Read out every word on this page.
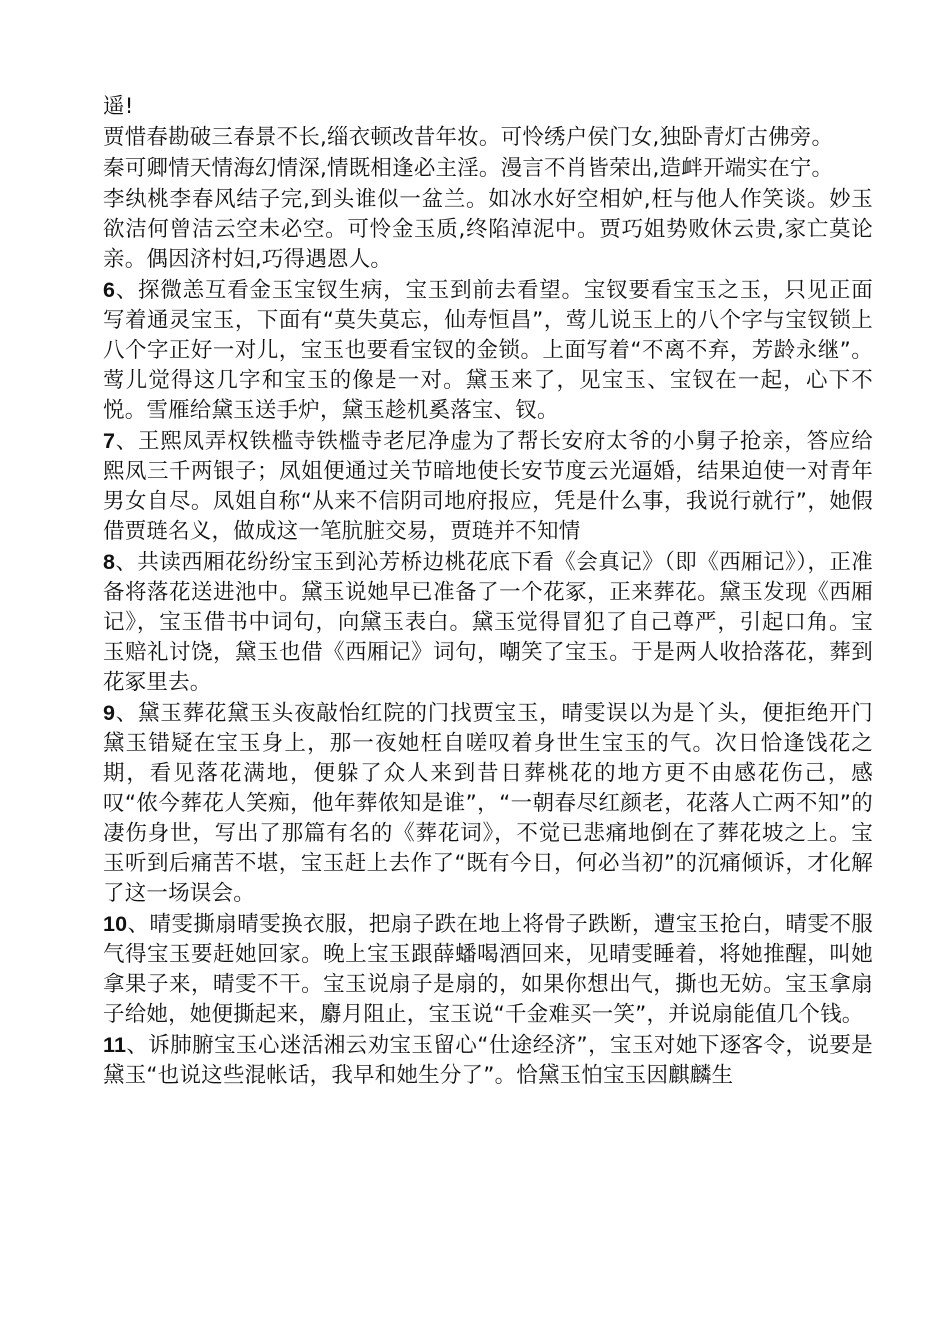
遥!

贾惜春勘破三春景不长,缁衣顿改昔年妆。可怜绣户侯门女,独卧青灯古佛旁。

秦可卿情天情海幻情深,情既相逢必主淫。漫言不肖皆荣出,造衅开端实在宁。

李纨桃李春风结子完,到头谁似一盆兰。如冰水好空相妒,枉与他人作笑谈。妙玉欲洁何曾洁云空未必空。可怜金玉质,终陷淖泥中。贾巧姐势败休云贵,家亡莫论亲。偶因济村妇,巧得遇恩人。

6、探微恙互看金玉宝钗生病，宝玉到前去看望。宝钗要看宝玉之玉，只见正面写着通灵宝玉，下面有“莫失莫忘，仙寿恒昌”，莺儿说玉上的八个字与宝钗锁上八个字正好一对儿，宝玉也要看宝钗的金锁。上面写着“不离不弃，芳龄永继”。莺儿觉得这几字和宝玉的像是一对。黛玉来了，见宝玉、宝钗在一起，心下不悦。雪雁给黛玉送手炉，黛玉趁机奚落宝、钗。

7、王熙凤弄权铁槛寺铁槛寺老尼净虚为了帮长安府太爷的小舅子抢亲，答应给熙凤三千两银子；凤姐便通过关节暗地使长安节度云光逼婚，结果迫使一对青年男女自尽。凤姐自称“从来不信阴司地府报应，凭是什么事，我说行就行”，她假借贾琏名义，做成这一笔肮脏交易，贾琏并不知情

8、共读西厢花纷纷宝玉到沁芳桥边桃花底下看《会真记》（即《西厢记》），正准备将落花送进池中。黛玉说她早已准备了一个花冢，正来葬花。黛玉发现《西厢记》，宝玉借书中词句，向黛玉表白。黛玉觉得冒犯了自己尊严，引起口角。宝玉赔礼讨饶，黛玉也借《西厢记》词句，嘲笑了宝玉。于是两人收拾落花，葬到花冢里去。

9、黛玉葬花黛玉头夜敲怡红院的门找贾宝玉，晴雯误以为是丫头，便拒绝开门黛玉错疑在宝玉身上，那一夜她枉自嗟叹着身世生宝玉的气。次日恰逢饯花之期，看见落花满地，便躲了众人来到昔日葬桃花的地方更不由感花伤己，感叹“侬今葬花人笑痴，他年葬侬知是谁”，“一朝春尽红颜老，花落人亡两不知”的凄伤身世，写出了那篇有名的《葬花词》，不觉已悲痛地倒在了葬花坡之上。宝玉听到后痛苦不堪，宝玉赶上去作了“既有今日，何必当初”的沉痛倾诉，才化解了这一场误会。

10、晴雯撕扇晴雯换衣服，把扇子跌在地上将骨子跌断，遭宝玉抢白，晴雯不服气得宝玉要赶她回家。晚上宝玉跟薛蟠喝酒回来，见晴雯睡着，将她推醒，叫她拿果子来，晴雯不干。宝玉说扇子是扇的，如果你想出气，撕也无妨。宝玉拿扇子给她，她便撕起来，麝月阻止，宝玉说“千金难买一笑”，并说扇能值几个钱。

11、诉肺腑宝玉心迷活湘云劝宝玉留心“仕途经济”，宝玉对她下逐客令，说要是黛玉“也说这些混帐话，我早和她生分了”。恰黛玉怕宝玉因麒麟生
